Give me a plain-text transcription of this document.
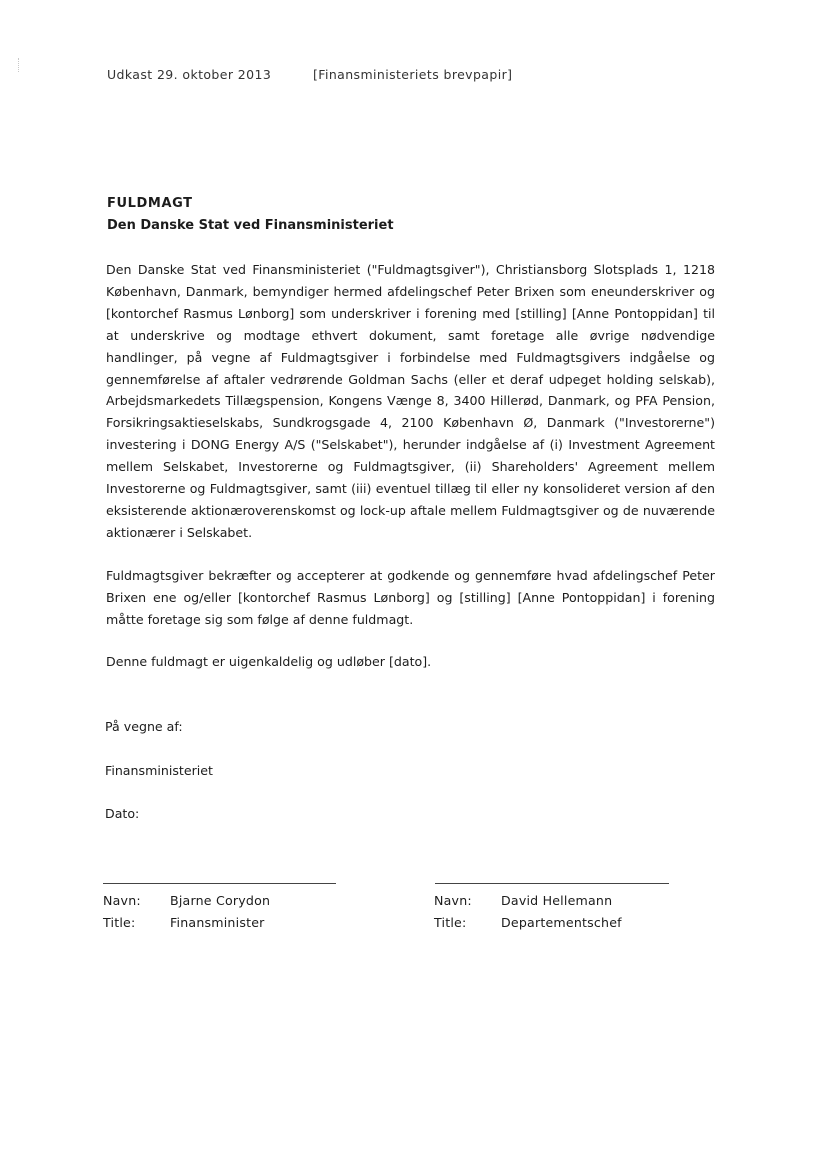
Udkast 29. oktober 2013	[Finansministeriets brevpapir]
FULDMAGT
Den Danske Stat ved Finansministeriet

Den Danske Stat ved Finansministeriet ("Fuldmagtsgiver"), Christiansborg Slotsplads 1, 1218 København, Danmark, bemyndiger hermed afdelingschef Peter Brixen som eneunderskriver og [kontorchef Rasmus Lønborg] som underskriver i forening med [stilling] [Anne Pontoppidan] til at underskrive og modtage ethvert dokument, samt foretage alle øvrige nødvendige handlinger, på vegne af Fuldmagtsgiver i forbindelse med Fuldmagtsgivers indgåelse og gennemførelse af aftaler vedrørende Goldman Sachs (eller et deraf udpeget holding selskab), Arbejdsmarkedets Tillægspension, Kongens Vænge 8, 3400 Hillerød, Danmark, og PFA Pension, Forsikringsaktieselskabs, Sundkrogsgade 4, 2100 København Ø, Danmark ("Investorerne") investering i DONG Energy A/S ("Selskabet"), herunder indgåelse af (i) Investment Agreement mellem Selskabet, Investorerne og Fuldmagtsgiver, (ii) Shareholders' Agreement mellem Investorerne og Fuldmagtsgiver, samt (iii) eventuel tillæg til eller ny konsolideret version af den eksisterende aktionæroverenskomst og lock-up aftale mellem Fuldmagtsgiver og de nuværende aktionærer i Selskabet.

Fuldmagtsgiver bekræfter og accepterer at godkende og gennemføre hvad afdelingschef Peter Brixen ene og/eller [kontorchef Rasmus Lønborg] og [stilling] [Anne Pontoppidan] i forening måtte foretage sig som følge af denne fuldmagt.

Denne fuldmagt er uigenkaldelig og udløber [dato].

På vegne af:
Finansministeriet
Dato:
Navn: Bjarne Corydon
Title:	Finansminister
Navn: David Hellemann
Title:	Departementschef
